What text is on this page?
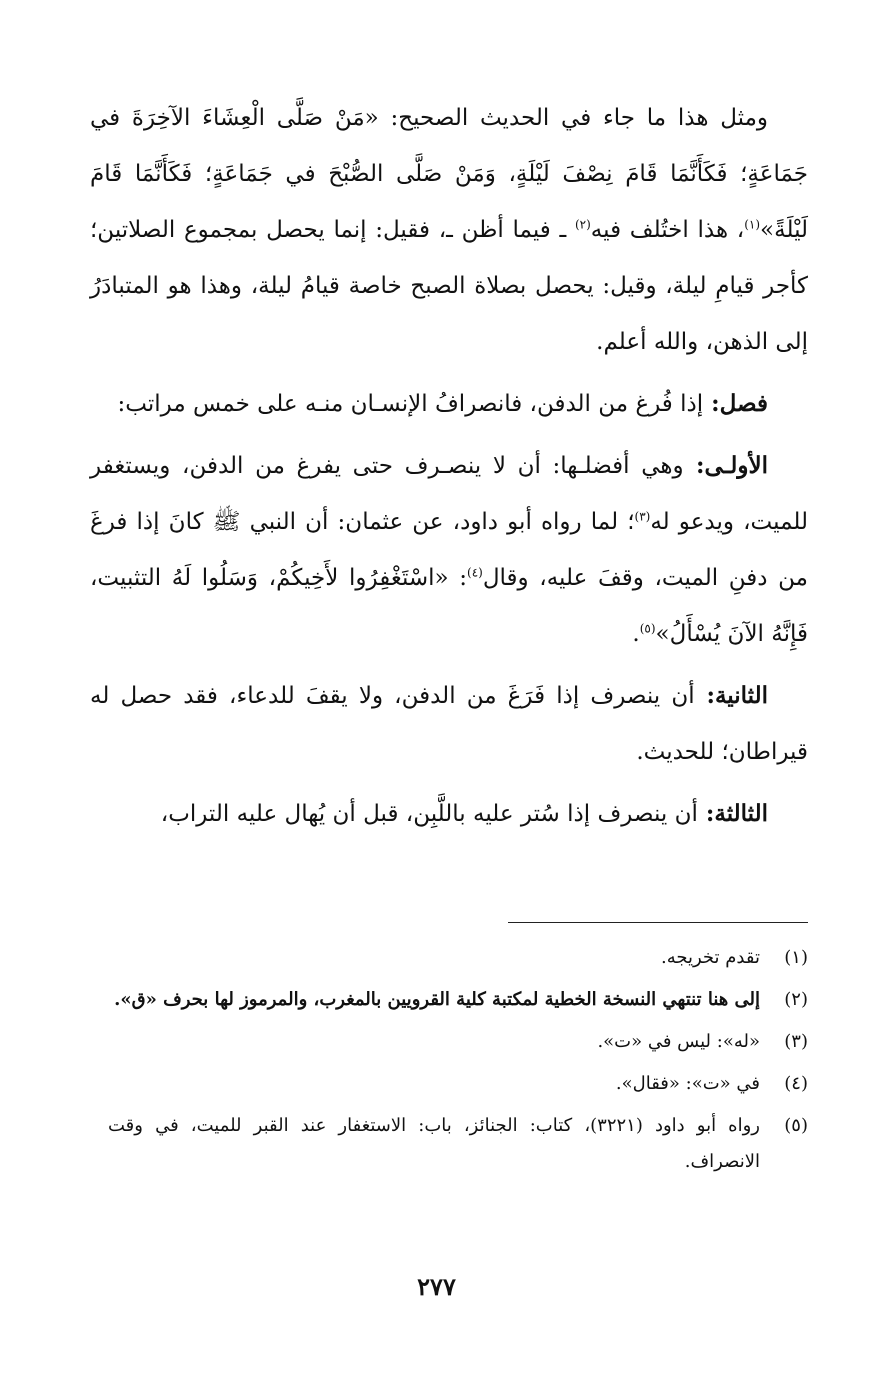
ومثل هذا ما جاء في الحديث الصحيح: «مَنْ صَلَّى الْعِشَاءَ الآخِرَةَ في جَمَاعَةٍ؛ فَكَأَنَّمَا قَامَ نِصْفَ لَيْلَةٍ، وَمَنْ صَلَّى الصُّبْحَ في جَمَاعَةٍ؛ فَكَأَنَّمَا قَامَ لَيْلَةً»$^{(١)}$، هذا اختُلف فيه$^{(٢)}$ ـ فيما أظن ـ، فقيل: إنما يحصل بمجموع الصلاتين؛ كأجر قيامِ ليلة، وقيل: يحصل بصلاة الصبح خاصة قيامُ ليلة، وهذا هو المتبادَرُ إلى الذهن، والله أعلم.

فصل: إذا فُرغ من الدفن، فانصرافُ الإنسـان منـه على خمس مراتب:

الأولـى: وهي أفضلـها: أن لا ينصـرف حتى يفرغ من الدفن، ويستغفر للميت، ويدعو له$^{(٣)}$؛ لما رواه أبو داود، عن عثمان: أن النبي ﷺ كانَ إذا فرغَ من دفنِ الميت، وقفَ عليه، وقال$^{(٤)}$: «اسْتَغْفِرُوا لأَخِيكُمْ، وَسَلُوا لَهُ التثبيت، فَإِنَّهُ الآنَ يُسْأَلُ»$^{(٥)}$.

الثانية: أن ينصرف إذا فَرَغَ من الدفن، ولا يقفَ للدعاء، فقد حصل له قيراطان؛ للحديث.

الثالثة: أن ينصرف إذا سُتر عليه باللَّبِن، قبل أن يُهال عليه التراب،

(١)
تقدم تخريجه.
(٢)
إلى هنا تنتهي النسخة الخطية لمكتبة كلية القرويين بالمغرب، والمرموز لها بحرف «ق».
(٣)
«له»: ليس في «ت».
(٤)
في «ت»: «فقال».
(٥)
رواه أبو داود (٣٢٢١)، كتاب: الجنائز، باب: الاستغفار عند القبر للميت، في وقت الانصراف.
٢٧٧
